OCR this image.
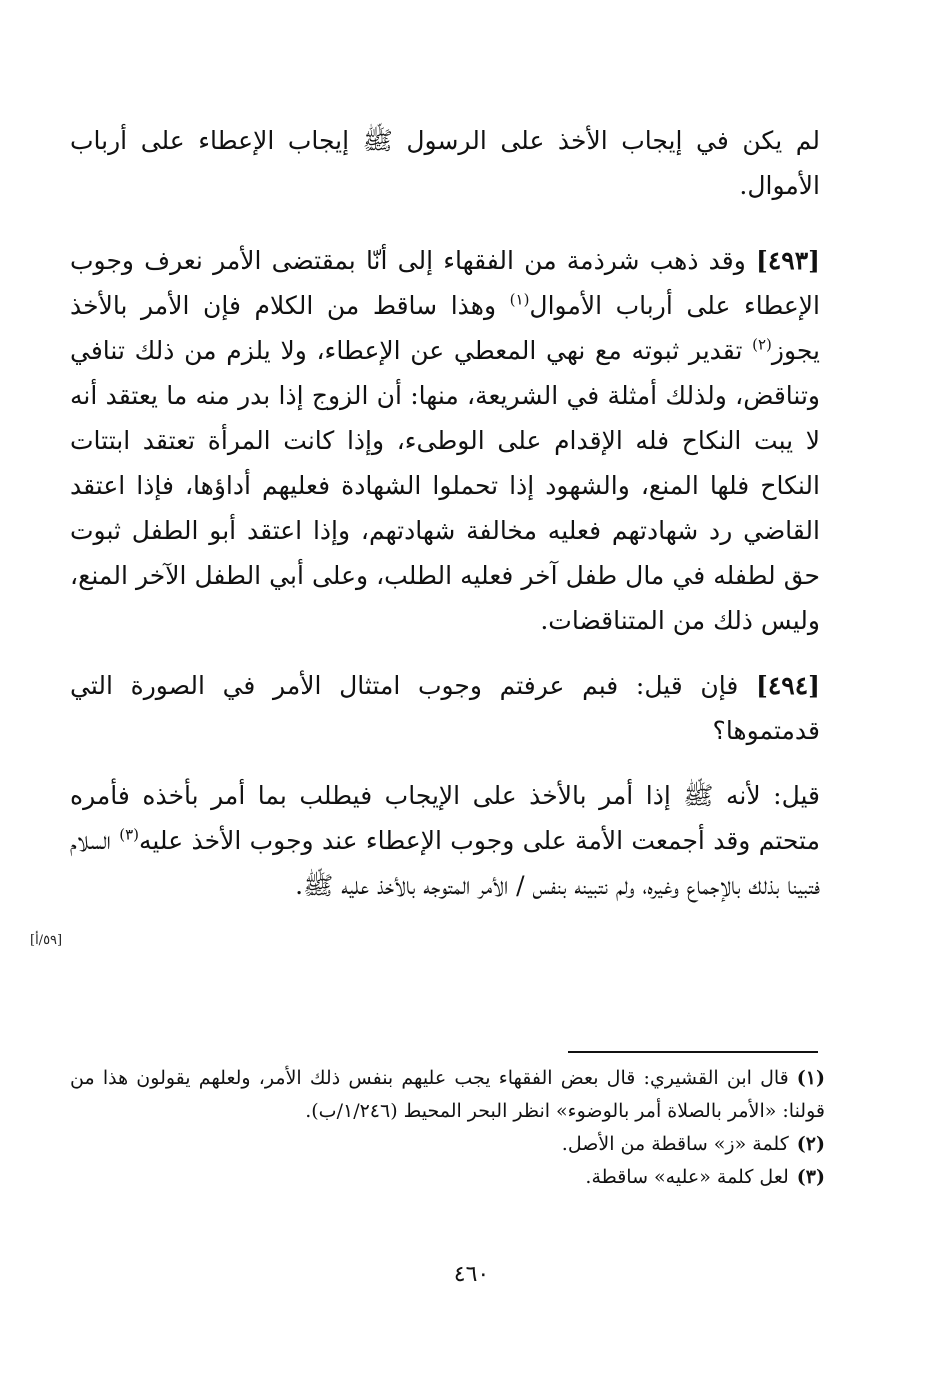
لم يكن في إيجاب الأخذ على الرسول ﷺ إيجاب الإعطاء على أرباب الأموال.

[٤٩٣] وقد ذهب شرذمة من الفقهاء إلى أنّا بمقتضى الأمر نعرف وجوب الإعطاء على أرباب الأموال$^{(١)}$ وهذا ساقط من الكلام فإن الأمر بالأخذ يجوز$^{(٢)}$ تقدير ثبوته مع نهي المعطي عن الإعطاء، ولا يلزم من ذلك تنافي وتناقض، ولذلك أمثلة في الشريعة، منها: أن الزوج إذا بدر منه ما يعتقد أنه لا يبت النكاح فله الإقدام على الوطىء، وإذا كانت المرأة تعتقد ابتتات النكاح فلها المنع، والشهود إذا تحملوا الشهادة فعليهم أداؤها، فإذا اعتقد القاضي رد شهادتهم فعليه مخالفة شهادتهم، وإذا اعتقد أبو الطفل ثبوت حق لطفله في مال طفل آخر فعليه الطلب، وعلى أبي الطفل الآخر المنع، وليس ذلك من المتناقضات.

[٤٩٤] فإن قيل: فبم عرفتم وجوب امتثال الأمر في الصورة التي قدمتموها؟

قيل: لأنه ﷺ إذا أمر بالأخذ على الإيجاب فيطلب بما أمر بأخذه فأمره متحتم وقد أجمعت الأمة على وجوب الإعطاء عند وجوب الأخذ عليه$^{(٣)}$ السلام فتبينا بذلك بالإجماع وغيره، ولم نتبينه بنفس / الأمر المتوجه بالأخذ عليه ﷺ.

[٥٩/أ]

(١)قال ابن القشيري: قال بعض الفقهاء يجب عليهم بنفس ذلك الأمر، ولعلهم يقولون هذا من قولنا: «الأمر بالصلاة أمر بالوضوء» انظر البحر المحيط (١/٢٤٦/ب).

(٢)كلمة «ز» ساقطة من الأصل.

(٣)لعل كلمة «عليه» ساقطة.

٤٦٠
